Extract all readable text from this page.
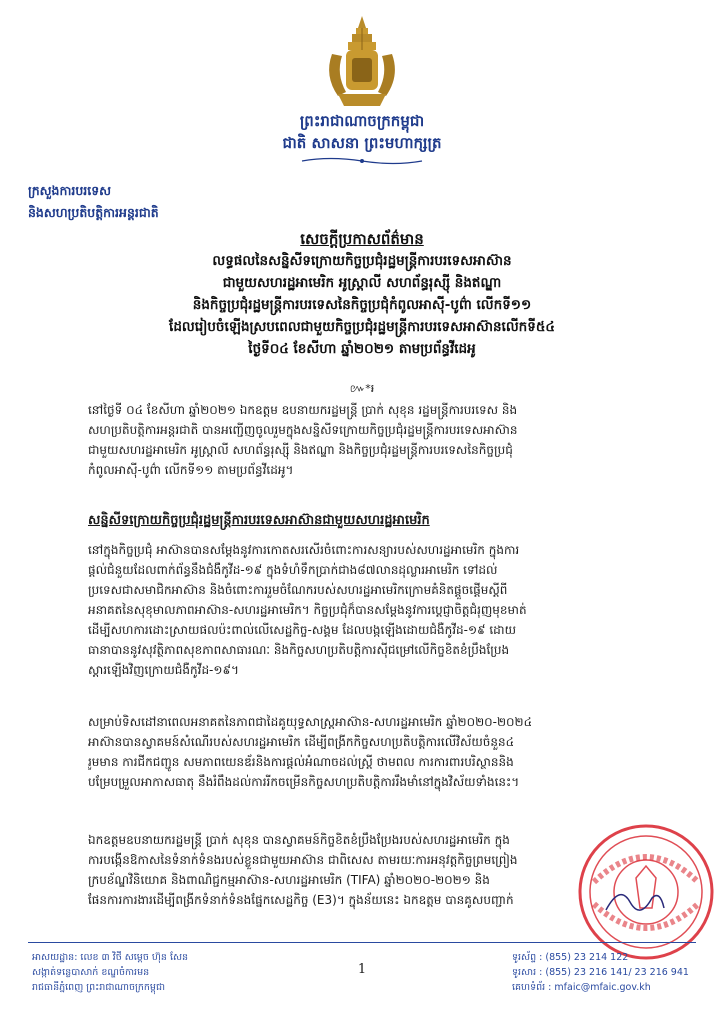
ព្រះរាជាណាចក្រកម្ពុជា
ជាតិ សាសនា ព្រះមហាក្សត្រ
ក្រសួងការបរទេស
និងសហប្រតិបត្តិការអន្តរជាតិ
សេចក្តីប្រកាសព័ត៌មាន
លទ្ធផលនៃសន្និសីទក្រោយកិច្ចប្រជុំរដ្ឋមន្ត្រីការបរទេសអាស៊ាន
ជាមួយសហរដ្ឋអាមេរិក អូស្ត្រាលី សហព័ន្ធរុស្ស៊ី និងឥណ្ឌា
និងកិច្ចប្រជុំរដ្ឋមន្ត្រីការបរទេសនៃកិច្ចប្រជុំកំពូលអាស៊ី-បូព៌ា លើកទី១១
ដែលរៀបចំឡើងស្របពេលជាមួយកិច្ចប្រជុំរដ្ឋមន្ត្រីការបរទេសអាស៊ានលើកទី៥៤
ថ្ងៃទី០៤ ខែសីហា ឆ្នាំ២០២១ តាមប្រព័ន្ធវីដេអូ
៚*៛
នៅថ្ងៃទី ០៤ ខែសីហា ឆ្នាំ២០២១ ឯកឧត្តម ឧបនាយករដ្ឋមន្ត្រី ប្រាក់ សុខុន រដ្ឋមន្ត្រីការបរទេស និង
សហប្រតិបត្តិការអន្តរជាតិ បានអញ្ជើញចូលរួមក្នុងសន្និសីទក្រោយកិច្ចប្រជុំរដ្ឋមន្ត្រីការបរទេសអាស៊ាន
ជាមួយសហរដ្ឋអាមេរិក អូស្ត្រាលី សហព័ន្ធរុស្ស៊ី និងឥណ្ឌា និងកិច្ចប្រជុំរដ្ឋមន្ត្រីការបរទេសនៃកិច្ចប្រជុំ
កំពូលអាស៊ី-បូព៌ា លើកទី១១ តាមប្រព័ន្ធវីដេអូ។
សន្និសីទក្រោយកិច្ចប្រជុំរដ្ឋមន្ត្រីការបរទេសអាស៊ានជាមួយសហរដ្ឋអាមេរិក
នៅក្នុងកិច្ចប្រជុំ អាស៊ានបានសម្តែងនូវការកោតសរសើរចំពោះការសន្យារបស់សហរដ្ឋអាមេរិក ក្នុងការ
ផ្តល់ជំនួយដែលពាក់ព័ន្ធនឹងជំងឺកូវីដ-១៩ ក្នុងទំហំទឹកប្រាក់ជាង៨៧លានដុល្លារអាមេរិក ទៅដល់
ប្រទេសជាសមាជិកអាស៊ាន និងចំពោះការរួមចំណែករបស់សហរដ្ឋអាមេរិកក្រោមគំនិតផ្តួចផ្តើមស្តីពី
អនាគតនៃសុខុមាលភាពអាស៊ាន-សហរដ្ឋអាមេរិក។ កិច្ចប្រជុំក៏បានសម្តែងនូវការប្តេជ្ញាចិត្តជំរុញមុខមាត់
ដើម្បីសហការដោះស្រាយផលប៉ះពាល់លើសេដ្ឋកិច្ច-សង្គម ដែលបង្កឡើងដោយជំងឺកូវីដ-១៩ ដោយ
ធានាបាននូវសុវត្ថិភាពសុខភាពសាធារណៈ និងកិច្ចសហប្រតិបត្តិការស៊ីជម្រៅលើកិច្ចខិតខំប្រឹងប្រែង
ស្តារឡើងវិញក្រោយជំងឺកូវីដ-១៩។
សម្រាប់ទិសដៅនាពេលអនាគតនៃភាពជាដៃគូយុទ្ធសាស្ត្រអាស៊ាន-សហរដ្ឋអាមេរិក ឆ្នាំ២០២០-២០២៤
អាស៊ានបានស្វាគមន៍សំណើរបស់សហរដ្ឋអាមេរិក ដើម្បីពង្រីកកិច្ចសហប្រតិបត្តិការលើវិស័យចំនួន៤
រួមមាន ការជីកជញ្ជូន សមភាពយេនឌ័រនិងការផ្តល់អំណាចដល់ស្ត្រី ថាមពល ការការពារបរិស្ថាននិង
បម្រែបម្រួលអាកាសធាតុ នឹងរំពឹងដល់ការរីកចម្រើនកិច្ចសហប្រតិបត្តិការរឹងមាំនៅក្នុងវិស័យទាំងនេះ។
ឯកឧត្តមឧបនាយករដ្ឋមន្ត្រី ប្រាក់ សុខុន បានស្វាគមន៍កិច្ចខិតខំប្រឹងប្រែងរបស់សហរដ្ឋអាមេរិក ក្នុង
ការបង្កើនឱកាសនៃទំនាក់ទំនងរបស់ខ្លួនជាមួយអាស៊ាន ជាពិសេស តាមរយៈការអនុវត្តកិច្ចព្រមព្រៀង
ក្របខ័ណ្ឌវិនិយោគ និងពាណិជ្ជកម្មអាស៊ាន-សហរដ្ឋអាមេរិក (TIFA) ឆ្នាំ២០២០-២០២១ និង
ផែនការការងារដើម្បីពង្រីកទំនាក់ទំនងផ្នែកសេដ្ឋកិច្ច (E3)។ ក្នុងន័យនេះ ឯកឧត្តម បានគូសបញ្ជាក់
អាសយដ្ឋាន: លេខ ៣ វិថី សម្តេច ហ៊ុន សែន
សង្កាត់ទន្លេបាសាក់ ខណ្ឌចំការមន
រាជធានីភ្នំពេញ ព្រះរាជាណាចក្រកម្ពុជា
1
ទូរស័ព្ទ : (855) 23 214 122
ទូរសារ : (855) 23 216 141/ 23 216 941
គេហទំព័រ : mfaic@mfaic.gov.kh
